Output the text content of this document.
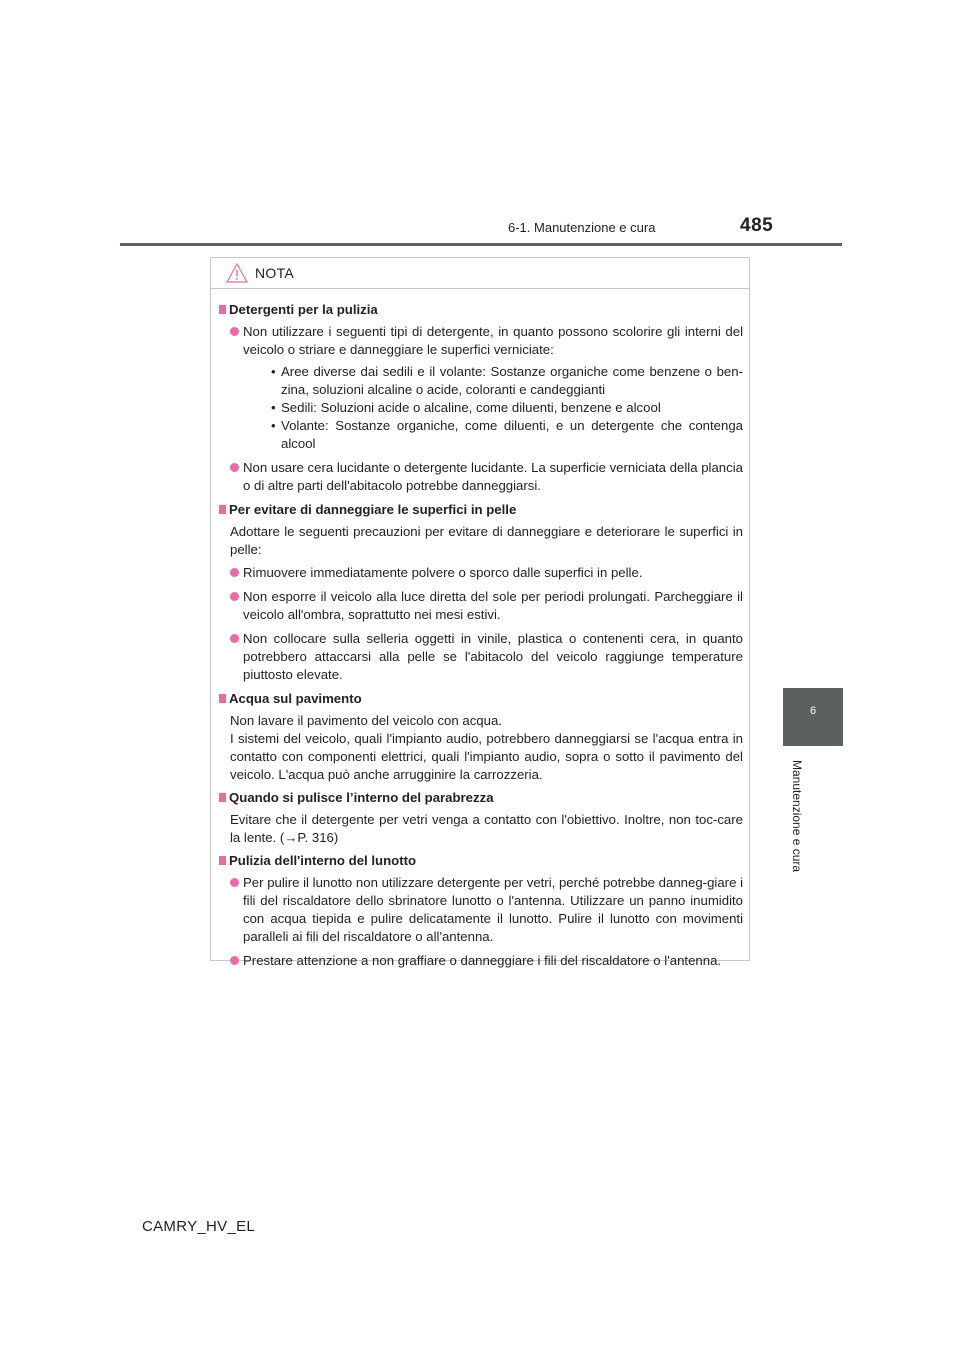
6-1. Manutenzione e cura	485
6
Manutenzione e cura
NOTA
Detergenti per la pulizia
Non utilizzare i seguenti tipi di detergente, in quanto possono scolorire gli interni del veicolo o striare e danneggiare le superfici verniciate:
• Aree diverse dai sedili e il volante: Sostanze organiche come benzene o ben-zina, soluzioni alcaline o acide, coloranti e candeggianti
• Sedili: Soluzioni acide o alcaline, come diluenti, benzene e alcool
• Volante: Sostanze organiche, come diluenti, e un detergente che contenga alcool
Non usare cera lucidante o detergente lucidante. La superficie verniciata della plancia o di altre parti dell'abitacolo potrebbe danneggiarsi.
Per evitare di danneggiare le superfici in pelle
Adottare le seguenti precauzioni per evitare di danneggiare e deteriorare le superfici in pelle:
Rimuovere immediatamente polvere o sporco dalle superfici in pelle.
Non esporre il veicolo alla luce diretta del sole per periodi prolungati. Parcheggiare il veicolo all'ombra, soprattutto nei mesi estivi.
Non collocare sulla selleria oggetti in vinile, plastica o contenenti cera, in quanto potrebbero attaccarsi alla pelle se l'abitacolo del veicolo raggiunge temperature piuttosto elevate.
Acqua sul pavimento
Non lavare il pavimento del veicolo con acqua.
I sistemi del veicolo, quali l'impianto audio, potrebbero danneggiarsi se l'acqua entra in contatto con componenti elettrici, quali l'impianto audio, sopra o sotto il pavimento del veicolo. L'acqua può anche arrugginire la carrozzeria.
Quando si pulisce l’interno del parabrezza
Evitare che il detergente per vetri venga a contatto con l'obiettivo. Inoltre, non toc-care la lente. (→P. 316)
Pulizia dell'interno del lunotto
Per pulire il lunotto non utilizzare detergente per vetri, perché potrebbe danneg-giare i fili del riscaldatore dello sbrinatore lunotto o l'antenna. Utilizzare un panno inumidito con acqua tiepida e pulire delicatamente il lunotto. Pulire il lunotto con movimenti paralleli ai fili del riscaldatore o all'antenna.
Prestare attenzione a non graffiare o danneggiare i fili del riscaldatore o l'antenna.
CAMRY_HV_EL
